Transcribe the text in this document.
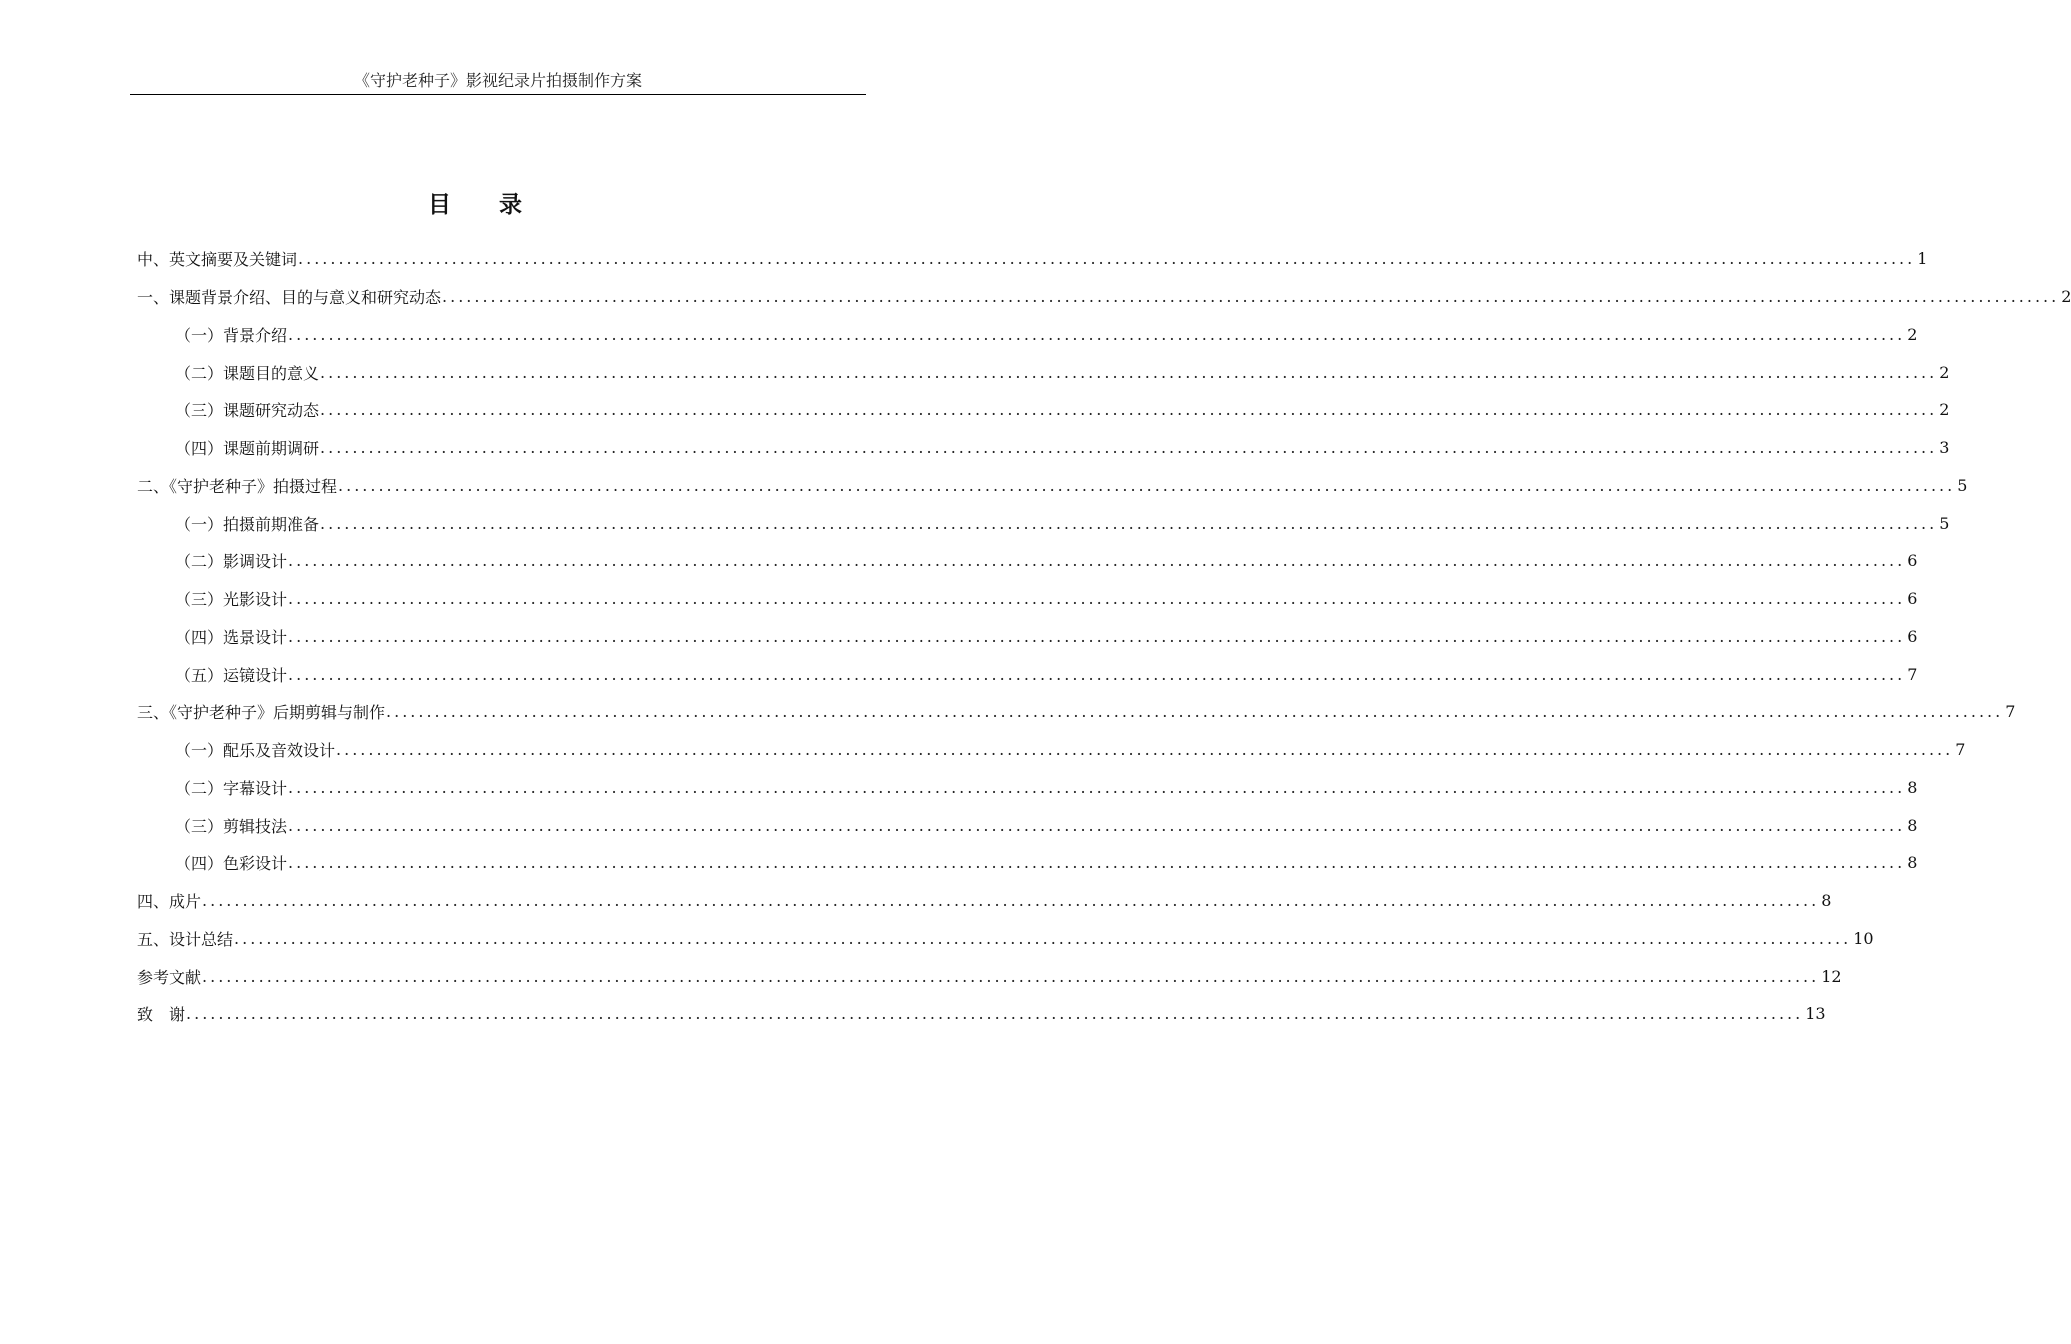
《守护老种子》影视纪录片拍摄制作方案
目 录
中、英文摘要及关键词 ........................................................................................................................................................................................................ 1
一、课题背景介绍、目的与意义和研究动态 ........................................................................................................................................................................................................ 2
（一）背景介绍 ........................................................................................................................................................................................................ 2
（二）课题目的意义 ........................................................................................................................................................................................................ 2
（三）课题研究动态 ........................................................................................................................................................................................................ 2
（四）课题前期调研 ........................................................................................................................................................................................................ 3
二、《守护老种子》拍摄过程 ........................................................................................................................................................................................................ 5
（一）拍摄前期准备 ........................................................................................................................................................................................................ 5
（二）影调设计 ........................................................................................................................................................................................................ 6
（三）光影设计 ........................................................................................................................................................................................................ 6
（四）选景设计 ........................................................................................................................................................................................................ 6
（五）运镜设计 ........................................................................................................................................................................................................ 7
三、《守护老种子》后期剪辑与制作 ........................................................................................................................................................................................................ 7
（一）配乐及音效设计 ........................................................................................................................................................................................................ 7
（二）字幕设计 ........................................................................................................................................................................................................ 8
（三）剪辑技法 ........................................................................................................................................................................................................ 8
（四）色彩设计 ........................................................................................................................................................................................................ 8
四、成片 ........................................................................................................................................................................................................ 8
五、设计总结 ........................................................................................................................................................................................................ 10
参考文献 ........................................................................................................................................................................................................ 12
致　谢 ........................................................................................................................................................................................................ 13
